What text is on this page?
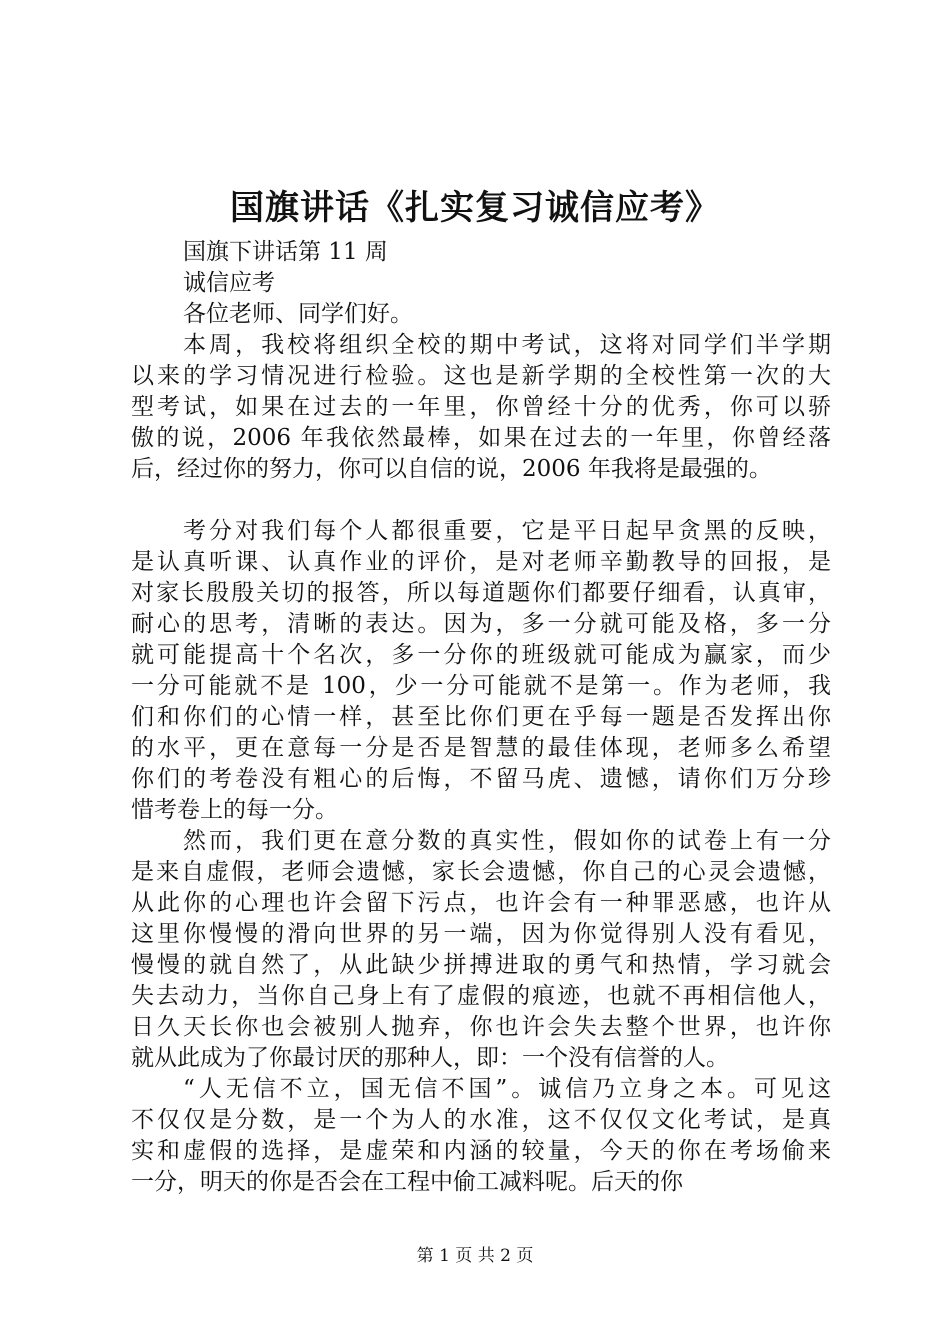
国旗讲话《扎实复习诚信应考》
国旗下讲话第 11 周
诚信应考
各位老师、同学们好。
本周，我校将组织全校的期中考试，这将对同学们半学期
以来的学习情况进行检验。这也是新学期的全校性第一次的大
型考试，如果在过去的一年里，你曾经十分的优秀，你可以骄
傲的说，2006 年我依然最棒，如果在过去的一年里，你曾经落
后，经过你的努力，你可以自信的说，2006 年我将是最强的。
考分对我们每个人都很重要，它是平日起早贪黑的反映，
是认真听课、认真作业的评价，是对老师辛勤教导的回报，是
对家长殷殷关切的报答，所以每道题你们都要仔细看，认真审，
耐心的思考，清晰的表达。因为，多一分就可能及格，多一分
就可能提高十个名次，多一分你的班级就可能成为赢家，而少
一分可能就不是 100，少一分可能就不是第一。作为老师，我
们和你们的心情一样，甚至比你们更在乎每一题是否发挥出你
的水平，更在意每一分是否是智慧的最佳体现，老师多么希望
你们的考卷没有粗心的后悔，不留马虎、遗憾，请你们万分珍
惜考卷上的每一分。
然而，我们更在意分数的真实性，假如你的试卷上有一分
是来自虚假，老师会遗憾，家长会遗憾，你自己的心灵会遗憾，
从此你的心理也许会留下污点，也许会有一种罪恶感，也许从
这里你慢慢的滑向世界的另一端，因为你觉得别人没有看见，
慢慢的就自然了，从此缺少拼搏进取的勇气和热情，学习就会
失去动力，当你自己身上有了虚假的痕迹，也就不再相信他人，
日久天长你也会被别人抛弃，你也许会失去整个世界，也许你
就从此成为了你最讨厌的那种人，即：一个没有信誉的人。
“人无信不立，国无信不国”。诚信乃立身之本。可见这
不仅仅是分数，是一个为人的水准，这不仅仅文化考试，是真
实和虚假的选择，是虚荣和内涵的较量，今天的你在考场偷来
一分，明天的你是否会在工程中偷工减料呢。后天的你
第 1 页 共 2 页
